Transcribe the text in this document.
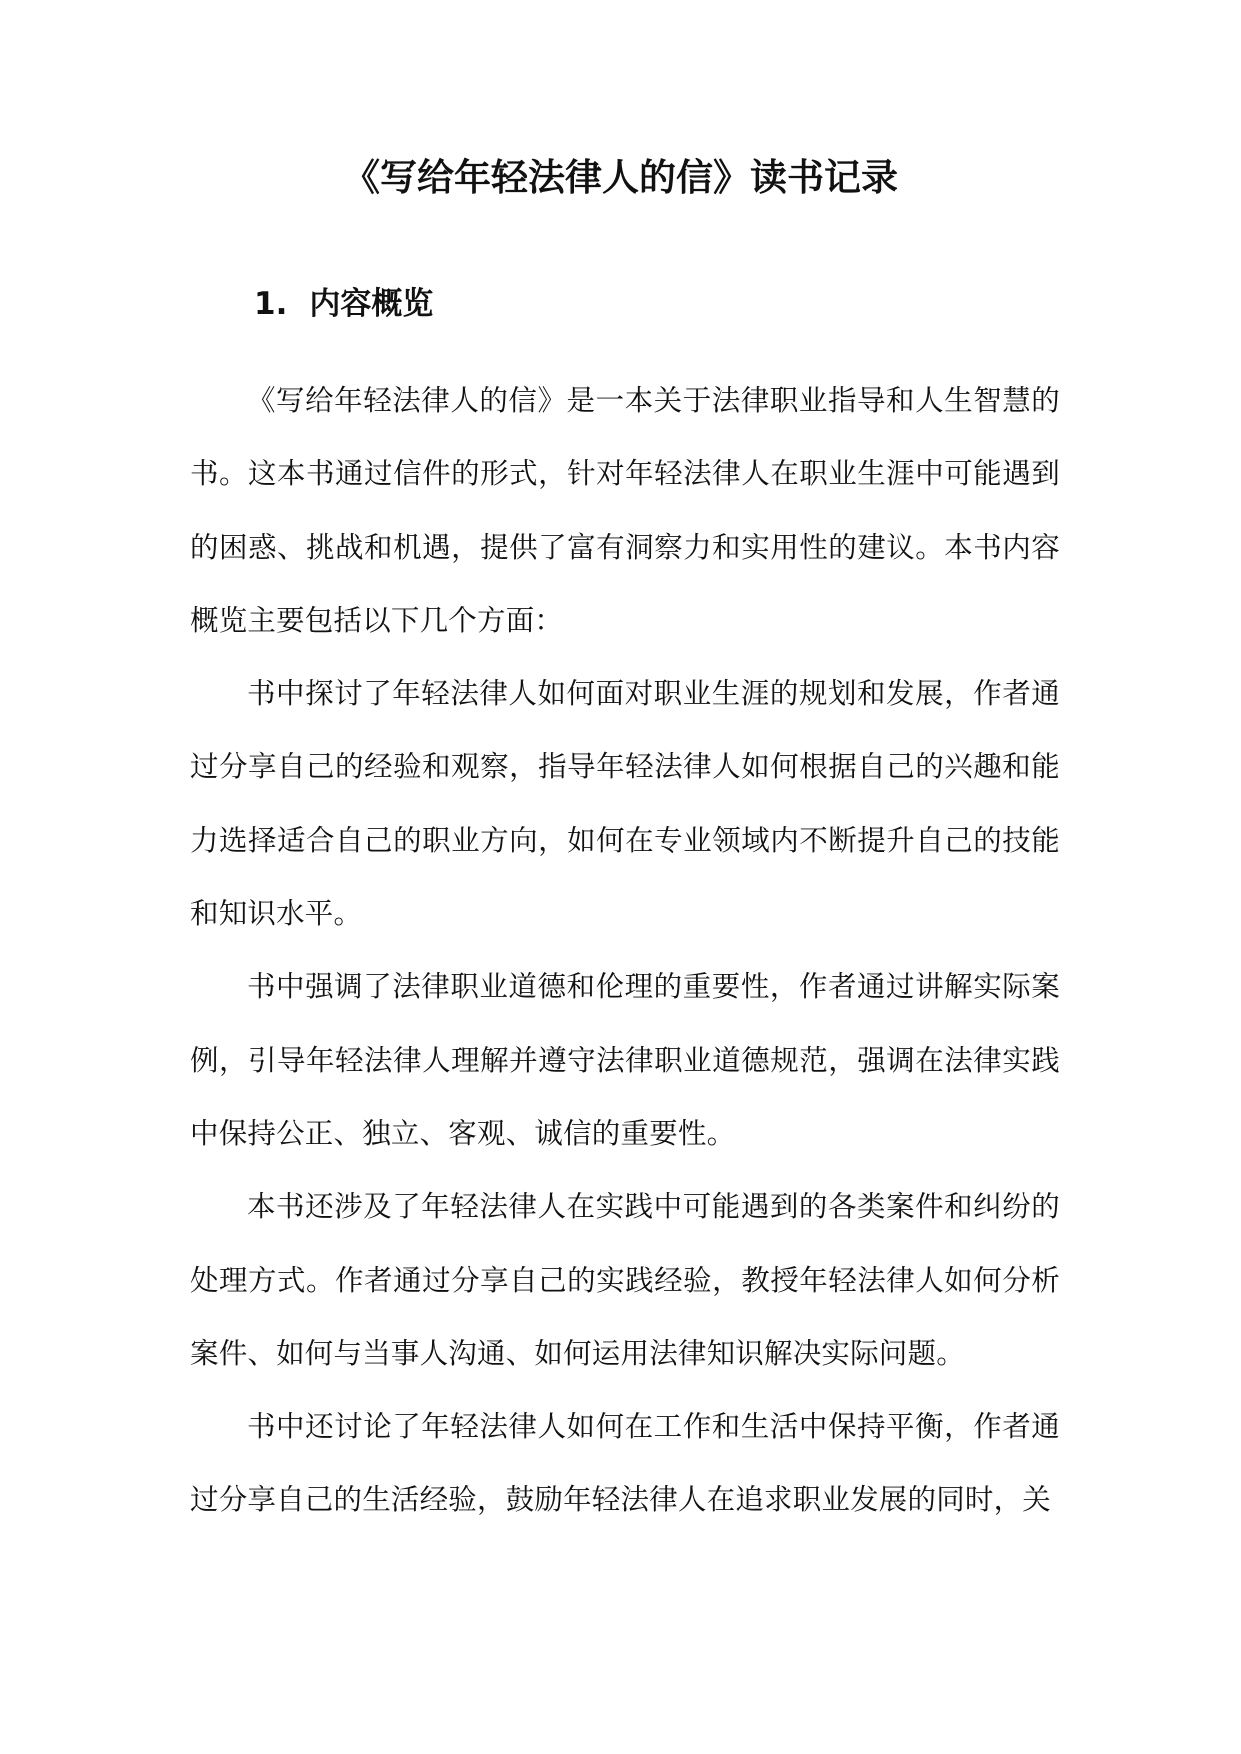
《写给年轻法律人的信》读书记录
1. 内容概览

《写给年轻法律人的信》是一本关于法律职业指导和人生智慧的书。这本书通过信件的形式，针对年轻法律人在职业生涯中可能遇到的困惑、挑战和机遇，提供了富有洞察力和实用性的建议。本书内容概览主要包括以下几个方面：

书中探讨了年轻法律人如何面对职业生涯的规划和发展，作者通过分享自己的经验和观察，指导年轻法律人如何根据自己的兴趣和能力选择适合自己的职业方向，如何在专业领域内不断提升自己的技能和知识水平。

书中强调了法律职业道德和伦理的重要性，作者通过讲解实际案例，引导年轻法律人理解并遵守法律职业道德规范，强调在法律实践中保持公正、独立、客观、诚信的重要性。

本书还涉及了年轻法律人在实践中可能遇到的各类案件和纠纷的处理方式。作者通过分享自己的实践经验，教授年轻法律人如何分析案件、如何与当事人沟通、如何运用法律知识解决实际问题。

书中还讨论了年轻法律人如何在工作和生活中保持平衡，作者通过分享自己的生活经验，鼓励年轻法律人在追求职业发展的同时，关
